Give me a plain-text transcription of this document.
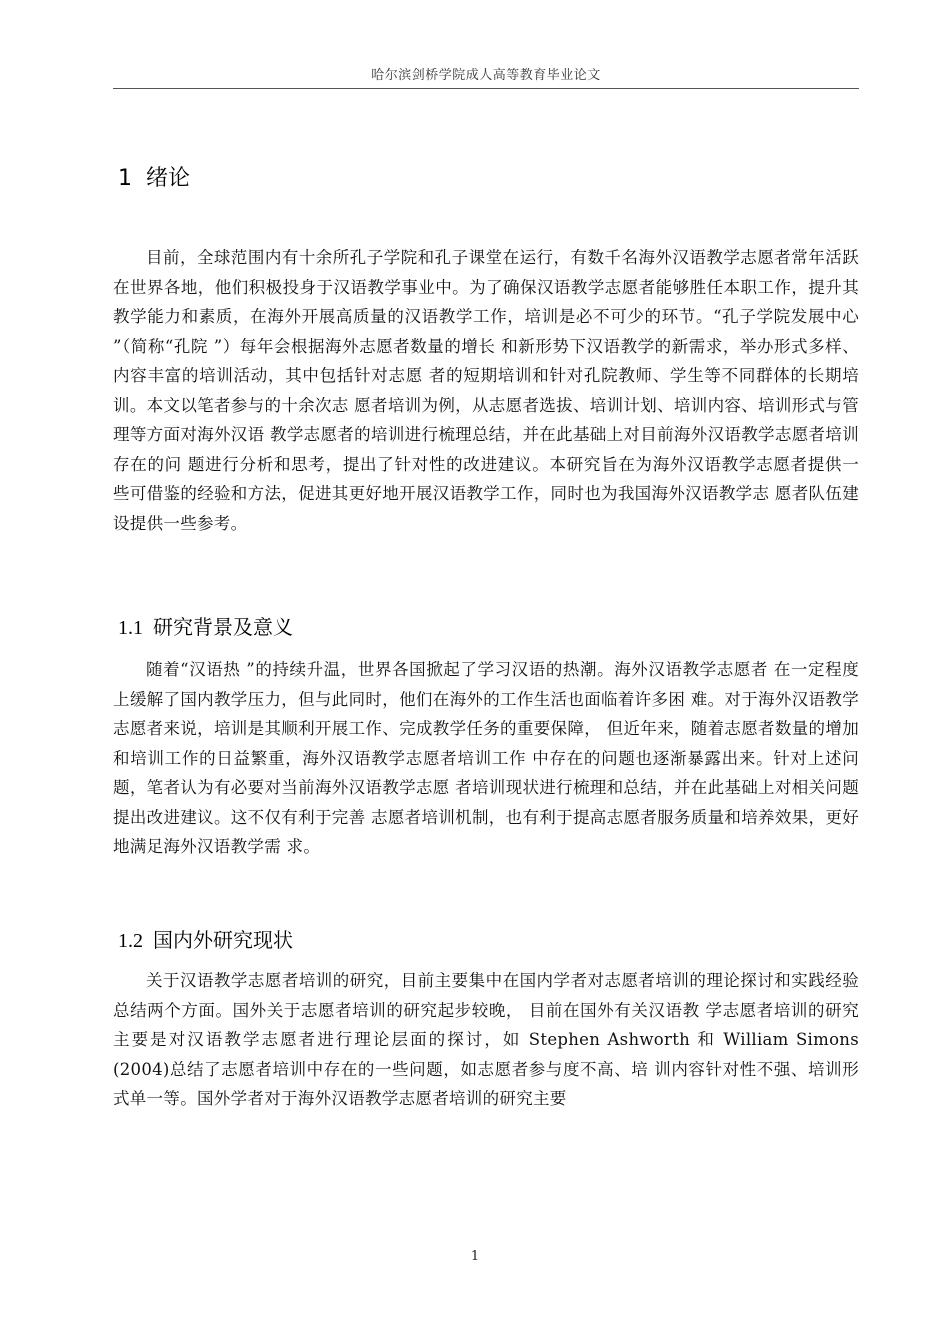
哈尔滨剑桥学院成人高等教育毕业论文
1 绪论

目前，全球范围内有十余所孔子学院和孔子课堂在运行，有数千名海外汉语教学志愿者常年活跃在世界各地，他们积极投身于汉语教学事业中。为了确保汉语教学志愿者能够胜任本职工作，提升其教学能力和素质，在海外开展高质量的汉语教学工作，培训是必不可少的环节。“孔子学院发展中心 ”（简称“孔院 ”）每年会根据海外志愿者数量的增长 和新形势下汉语教学的新需求，举办形式多样、内容丰富的培训活动，其中包括针对志愿 者的短期培训和针对孔院教师、学生等不同群体的长期培训。本文以笔者参与的十余次志 愿者培训为例，从志愿者选拔、培训计划、培训内容、培训形式与管理等方面对海外汉语 教学志愿者的培训进行梳理总结，并在此基础上对目前海外汉语教学志愿者培训存在的问 题进行分析和思考，提出了针对性的改进建议。本研究旨在为海外汉语教学志愿者提供一 些可借鉴的经验和方法，促进其更好地开展汉语教学工作，同时也为我国海外汉语教学志 愿者队伍建设提供一些参考。

1.1 研究背景及意义

随着“汉语热 ”的持续升温，世界各国掀起了学习汉语的热潮。海外汉语教学志愿者 在一定程度上缓解了国内教学压力，但与此同时，他们在海外的工作生活也面临着许多困 难。对于海外汉语教学志愿者来说，培训是其顺利开展工作、完成教学任务的重要保障， 但近年来，随着志愿者数量的增加和培训工作的日益繁重，海外汉语教学志愿者培训工作 中存在的问题也逐渐暴露出来。针对上述问题，笔者认为有必要对当前海外汉语教学志愿 者培训现状进行梳理和总结，并在此基础上对相关问题提出改进建议。这不仅有利于完善 志愿者培训机制，也有利于提高志愿者服务质量和培养效果，更好地满足海外汉语教学需 求。

1.2 国内外研究现状

关于汉语教学志愿者培训的研究，目前主要集中在国内学者对志愿者培训的理论探讨和实践经验总结两个方面。国外关于志愿者培训的研究起步较晚， 目前在国外有关汉语教 学志愿者培训的研究主要是对汉语教学志愿者进行理论层面的探讨，如 Stephen Ashworth 和 William Simons (2004)总结了志愿者培训中存在的一些问题，如志愿者参与度不高、培 训内容针对性不强、培训形式单一等。国外学者对于海外汉语教学志愿者培训的研究主要

1
